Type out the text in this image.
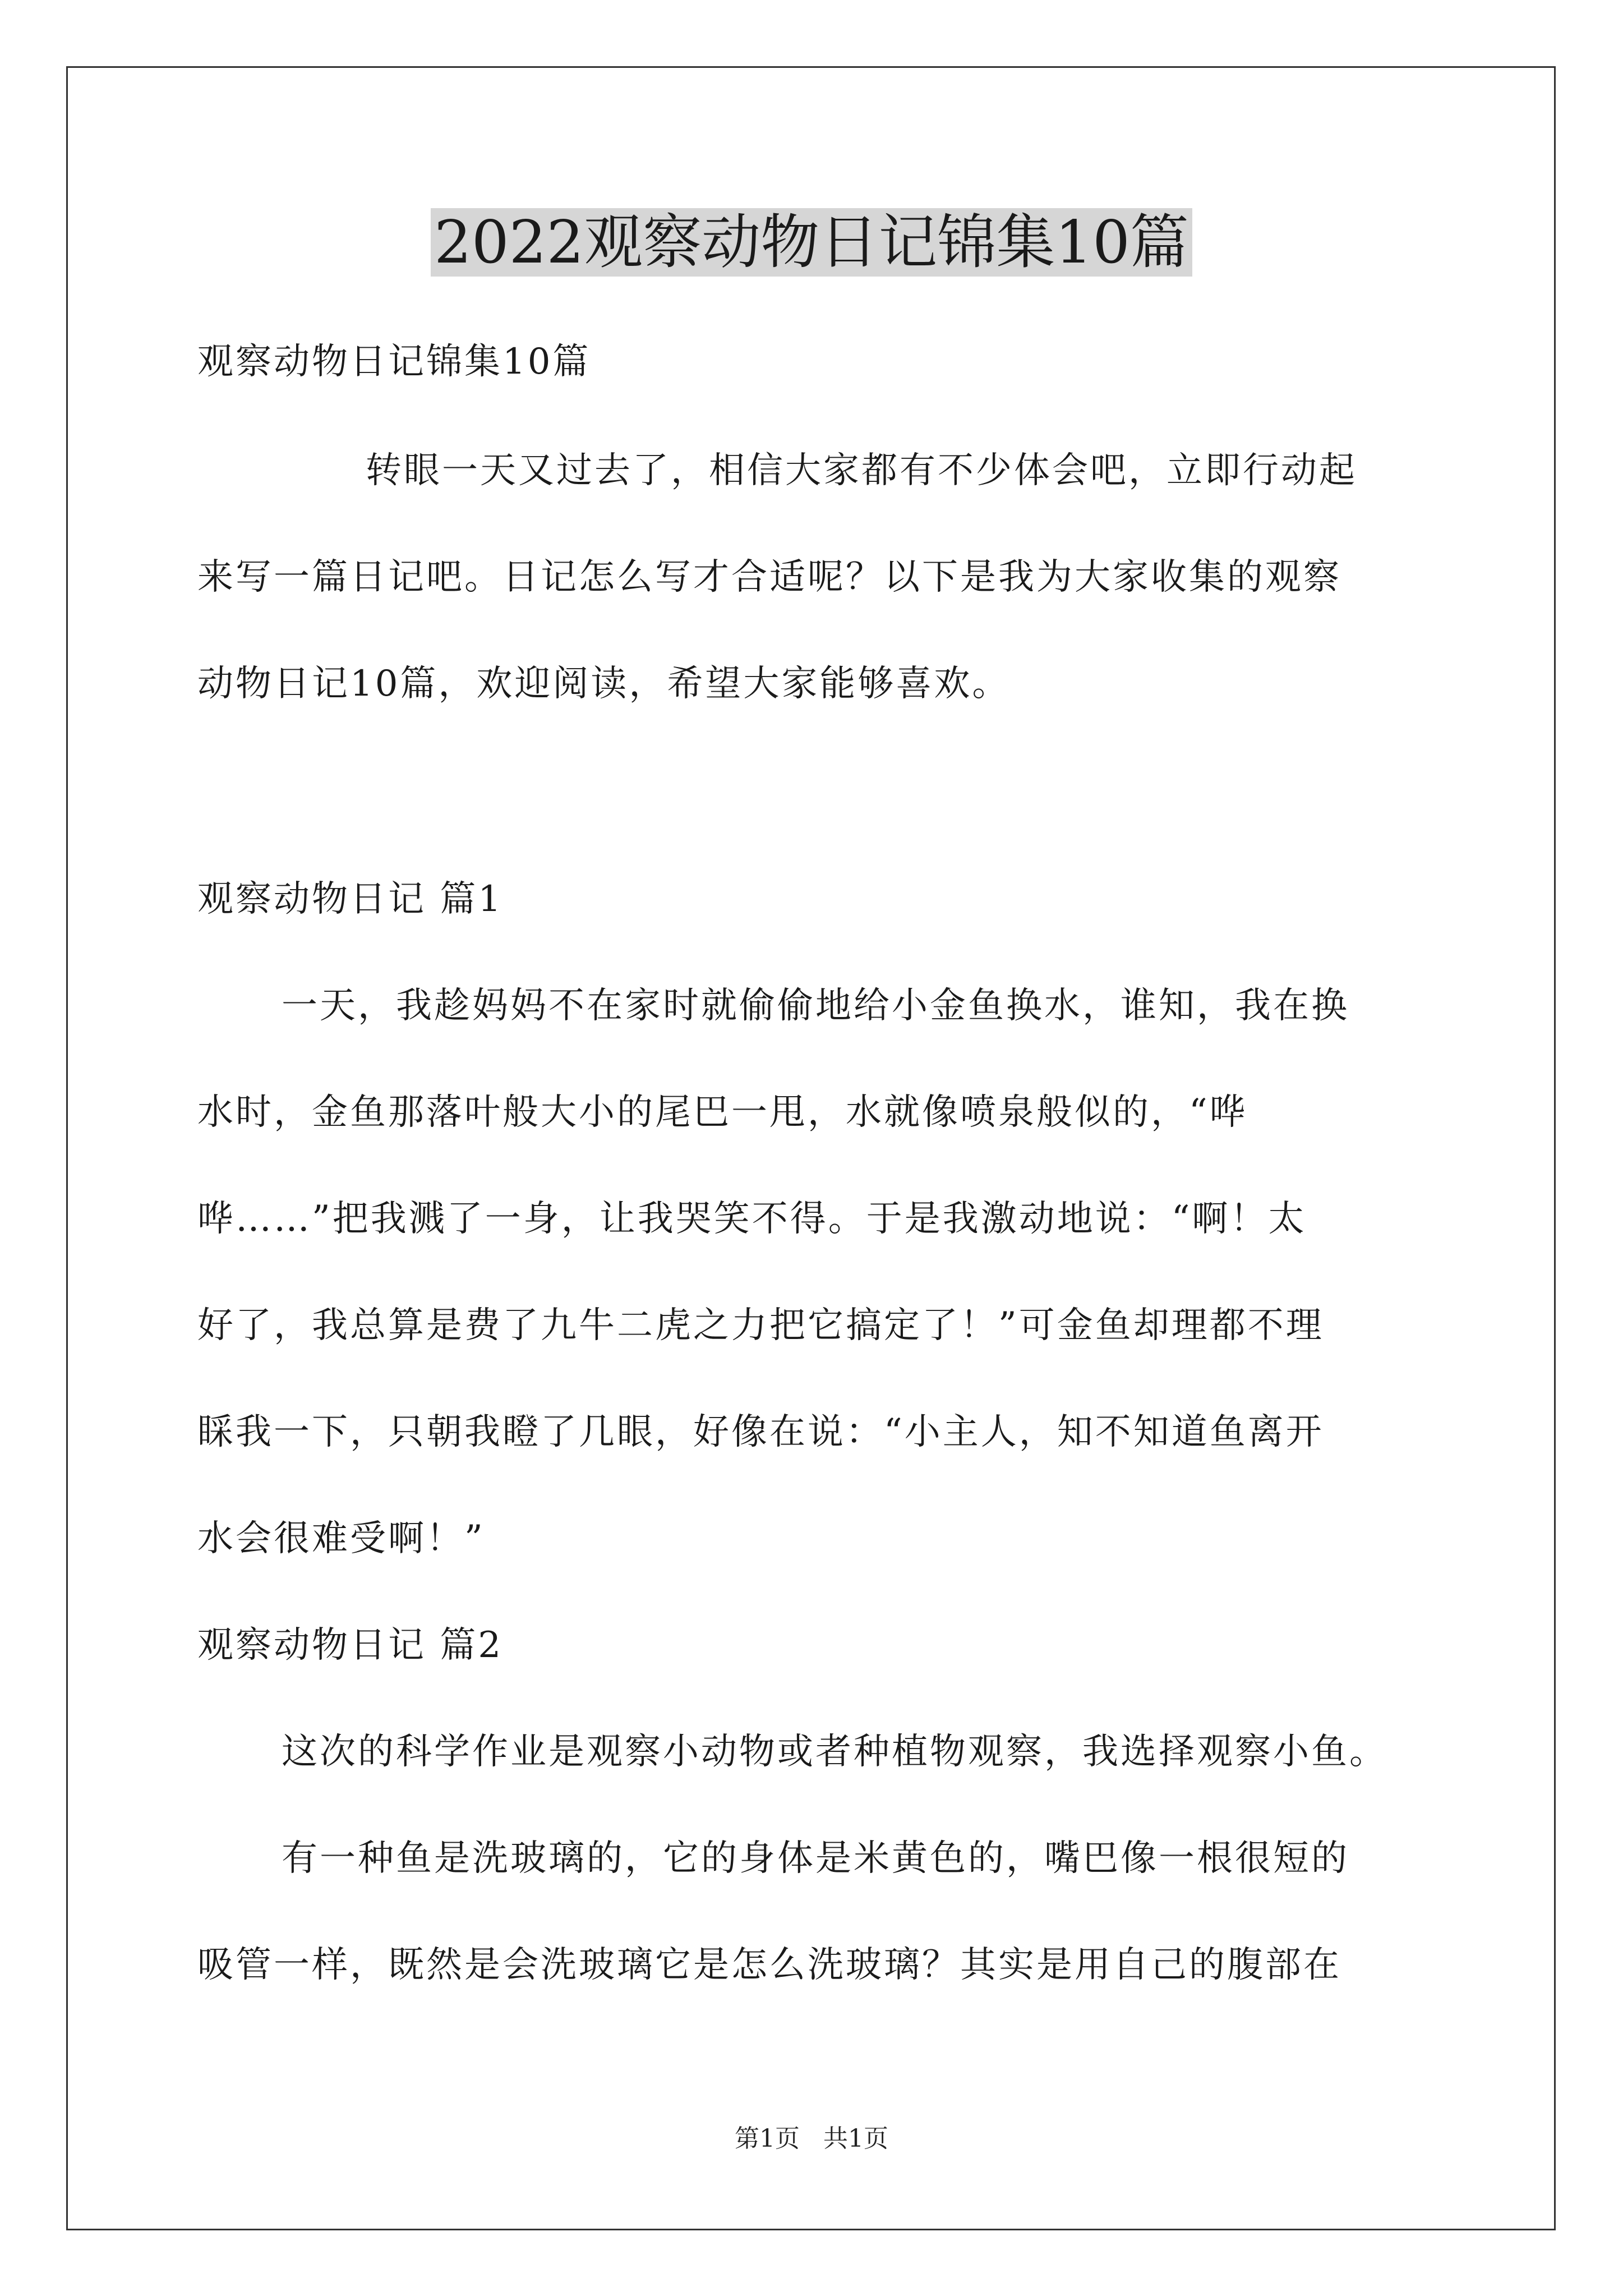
2022观察动物日记锦集10篇
观察动物日记锦集10篇
转眼一天又过去了，相信大家都有不少体会吧，立即行动起
来写一篇日记吧。日记怎么写才合适呢？以下是我为大家收集的观察
动物日记10篇，欢迎阅读，希望大家能够喜欢。
观察动物日记 篇1
一天，我趁妈妈不在家时就偷偷地给小金鱼换水，谁知，我在换
水时，金鱼那落叶般大小的尾巴一甩，水就像喷泉般似的，“哗
哗……”把我溅了一身，让我哭笑不得。于是我激动地说：“啊！太
好了，我总算是费了九牛二虎之力把它搞定了！”可金鱼却理都不理
睬我一下，只朝我瞪了几眼，好像在说：“小主人，知不知道鱼离开
水会很难受啊！”
观察动物日记 篇2
这次的科学作业是观察小动物或者种植物观察，我选择观察小鱼。
有一种鱼是洗玻璃的，它的身体是米黄色的，嘴巴像一根很短的
吸管一样，既然是会洗玻璃它是怎么洗玻璃？其实是用自己的腹部在
第1页 共1页
